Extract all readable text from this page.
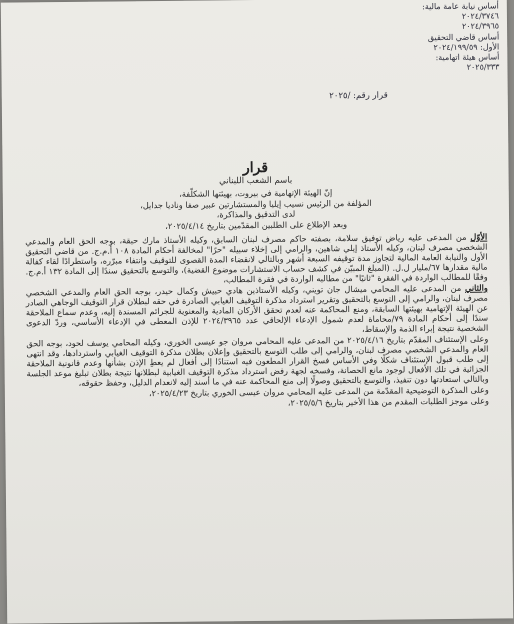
أساس نيابة عامة مالية:
٢٠٢٤/٣٧٤٦
٢٠٢٤/٣٩٦٥
أساس قاضي التحقيق
الأول: ٢٠٢٤/١٩٩/٥٩
أساس هيئة اتهامية:
٢٠٢٥/٣٣٣
قرار رقم: /٢٠٢٥
قرار
باسم الشعب اللبناني

إنّ الهيئة الإتهامية في بيروت، بهيئتها الشكلّفة،

المؤلفة من الرئيس نسيب إيليا والمستشارتين عبير صفا وناديا جدايل،

لدى التدقيق والمذاكرة،

وبعد الإطلاع على الطلبين المقدّمين بتاريخ ٢٠٢٥/٤/١٤،

الأوّل من المدعى عليه رياض توفيق سلامة، بصفته حاكم مصرف لبنان السابق، وكيله الأستاذ مارك حبقة، بوجه الحق العام والمدعي الشخصي مصرف لبنان، وكيله الأستاذ إيلي شاهين، والرامي إلى إخلاء سبيله "حرًا" لمخالفة أحكام المادة ١٠٨ أ.م.ج. من قاضي التحقيق الأول والنيابة العامة المالية لتجاوز مدة توقيفه السبعة أشهر وبالتالي لانقضاء المدة القصوى للتوقيف وانتفاء مبرّره، واستطرادًا لقاء كفالة مالية مقدارها ٦٧/مليار ل.ل. (المبلغ المبيّن في كشف حساب الاستشارات موضوع القضية)، والتوسع بالتحقيق سندًا إلى المادة ١٣٢ أ.م.ج. وفقًا للمطالب الواردة في الفقرة "ثانيًا" من مطالبه الواردة في فقرة المطالب،

والثاني من المدعى عليه المحامي ميشال جان تويني، وكيله الأستاذين هادي حبيش وكمال حيدر، بوجه الحق العام والمدعي الشخصي مصرف لبنان، والرامي إلى التوسع بالتحقيق وتقرير استرداد مذكرة التوقيف الغيابي الصادرة في حقه لبطلان قرار التوقيف الوجاهي الصادر عن الهيئة الإتهامية بهيئتها السابقة، ومنع المحاكمة عنه لعدم تحقق الأركان المادية والمعنوية للجرائم المسندة إليه، وعدم سماع الملاحقة سندًا إلى أحكام المادة ٧٩/محاماة لعدم شمول الإدعاء الإلحاقي عدد ٢٠٢٤/٣٩٦٥ للإذن المعطى في الإدعاء الأساسي، وردّ الدعوى الشخصية نتيجة إبراء الذمة والإسقاط،

وعلى الإستئناف المقدّم بتاريخ ٢٠٢٥/٤/١٦ من المدعى عليه المحامي مروان جو عيسى الخوري، وكيله المحامي يوسف لحود، بوجه الحق العام والمدعي الشخصي مصرف لبنان، والرامي إلى طلب التوسع بالتحقيق وإعلان بطلان مذكرة التوقيف الغيابي واستردادها، وقد انتهى إلى طلب قبول الإستئناف شكلًا وفي الأساس فسخ القرار المطعون فيه استنادًا إلى أفعال لم يعطِ الإذن بشأنها وعدم قانونية الملاحقة الجزائية في تلك الأفعال لوجود مانع الحصانة، وفسخه لجهة رفض استرداد مذكرة التوقيف الغيابية لبطلانها نتيجة بطلان تبليغ موعد الجلسة وبالتالي استعادتها دون تنفيذ، والتوسع بالتحقيق وصولًا إلى منع المحاكمة عنه في ما أسند إليه لانعدام الدليل، وحفظ حقوقه،

وعلى المذكرة التوضيحية المقدّمة من المدعى عليه المحامي مروان عيسى الخوري بتاريخ ٢٠٢٥/٤/٢٣،

وعلى موجز الطلبات المقدم من هذا الأخير بتاريخ ٢٠٢٥/٥/٦،
